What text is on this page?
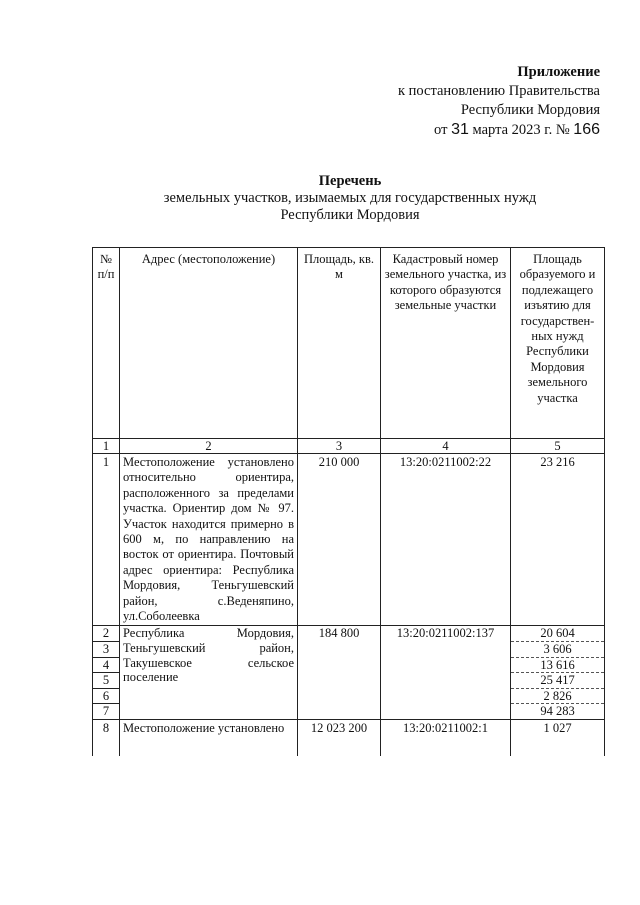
Приложение
к постановлению Правительства
Республики Мордовия
от 31 марта 2023 г. № 166
Перечень
земельных участков, изымаемых для государственных нужд
Республики Мордовия
№ п/п	Адрес (местоположение)	Площадь, кв. м	Кадастровый номер земельного участка, из которого образуются земельные участки	Площадь образуемого и подлежащего изъятию для государствен-ных нужд Республики Мордовия земельного участка
1	2	3	4	5
1	Местоположение установлено относительно ориентира, расположенного за пределами участка. Ориентир дом № 97. Участок находится примерно в 600 м, по направлению на восток от ориентира. Почтовый адрес ориентира: Республика Мордовия, Теньгушевский район, с.Веденяпино, ул.Соболеевка	210 000	13:20:0211002:22	23 216
2	Республика Мордовия, Теньгушевский район, Такушевское сельское поселение	184 800	13:20:0211002:137	20 604
3				3 606
4				13 616
5				25 417
6				2 826
7				94 283
8	Местоположение установлено	12 023 200	13:20:0211002:1	1 027
